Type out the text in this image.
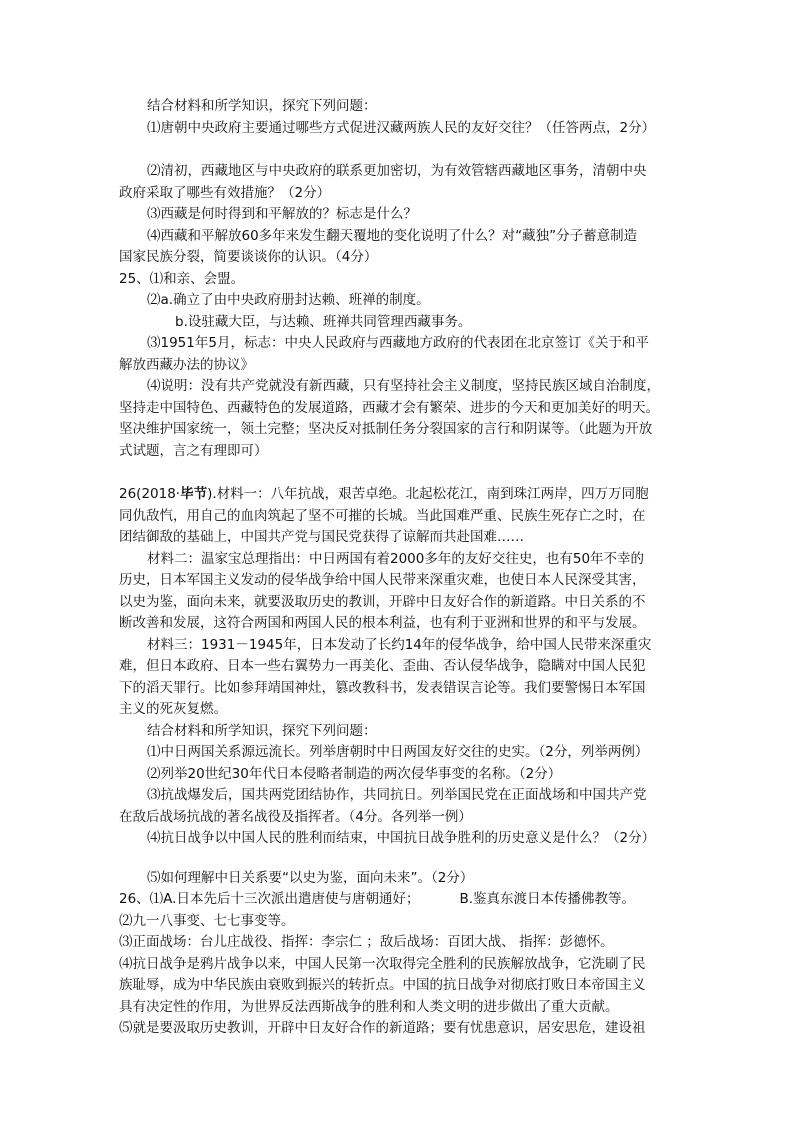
结合材料和所学知识，探究下列问题：
⑴唐朝中央政府主要通过哪些方式促进汉藏两族人民的友好交往？（任答两点，2分）
⑵清初，西藏地区与中央政府的联系更加密切，为有效管辖西藏地区事务，清朝中央
政府采取了哪些有效措施？（2分）
⑶西藏是何时得到和平解放的？标志是什么？
⑷西藏和平解放60多年来发生翻天覆地的变化说明了什么？对“藏独”分子蓄意制造
国家民族分裂，简要谈谈你的认识。（4分）
25、⑴和亲、会盟。
⑵a.确立了由中央政府册封达赖、班禅的制度。
b.设驻藏大臣，与达赖、班禅共同管理西藏事务。
⑶1951年5月，标志：中央人民政府与西藏地方政府的代表团在北京签订《关于和平
解放西藏办法的协议》
⑷说明：没有共产党就没有新西藏，只有坚持社会主义制度，坚持民族区域自治制度，
坚持走中国特色、西藏特色的发展道路，西藏才会有繁荣、进步的今天和更加美好的明天。
坚决维护国家统一，领土完整；坚决反对抵制任务分裂国家的言行和阴谋等。（此题为开放
式试题，言之有理即可）
26(2018·毕节).材料一：八年抗战，艰苦卓绝。北起松花江，南到珠江两岸，四万万同胞
同仇敌忾，用自己的血肉筑起了坚不可摧的长城。当此国难严重、民族生死存亡之时，在
团结御敌的基础上，中国共产党与国民党获得了谅解而共赴国难……
材料二：温家宝总理指出：中日两国有着2000多年的友好交往史，也有50年不幸的
历史，日本军国主义发动的侵华战争给中国人民带来深重灾难，也使日本人民深受其害，
以史为鉴，面向未来，就要汲取历史的教训，开辟中日友好合作的新道路。中日关系的不
断改善和发展，这符合两国和两国人民的根本利益，也有利于亚洲和世界的和平与发展。
材料三：1931－1945年，日本发动了长约14年的侵华战争，给中国人民带来深重灾
难，但日本政府、日本一些右翼势力一再美化、歪曲、否认侵华战争，隐瞒对中国人民犯
下的滔天罪行。比如参拜靖国神灶，篡改教科书，发表错误言论等。我们要警惕日本军国
主义的死灰复燃。
结合材料和所学知识，探究下列问题：
⑴中日两国关系源远流长。列举唐朝时中日两国友好交往的史实。（2分，列举两例）
⑵列举20世纪30年代日本侵略者制造的两次侵华事变的名称。（2分）
⑶抗战爆发后，国共两党团结协作，共同抗日。列举国民党在正面战场和中国共产党
在敌后战场抗战的著名战役及指挥者。（4分。各列举一例）
⑷抗日战争以中国人民的胜利而结束，中国抗日战争胜利的历史意义是什么？（2分）
⑸如何理解中日关系要“以史为鉴，面向未来”。（2分）
26、⑴A.日本先后十三次派出遣唐使与唐朝通好；	B.鉴真东渡日本传播佛教等。
⑵九一八事变、七七事变等。
⑶正面战场：台儿庄战役、指挥：李宗仁 ；敌后战场：百团大战、 指挥：彭德怀。
⑷抗日战争是鸦片战争以来，中国人民第一次取得完全胜利的民族解放战争，它洗刷了民
族耻辱，成为中华民族由衰败到振兴的转折点。中国的抗日战争对彻底打败日本帝国主义
具有决定性的作用，为世界反法西斯战争的胜利和人类文明的进步做出了重大贡献。
⑸就是要汲取历史教训，开辟中日友好合作的新道路；要有忧患意识，居安思危，建设祖
